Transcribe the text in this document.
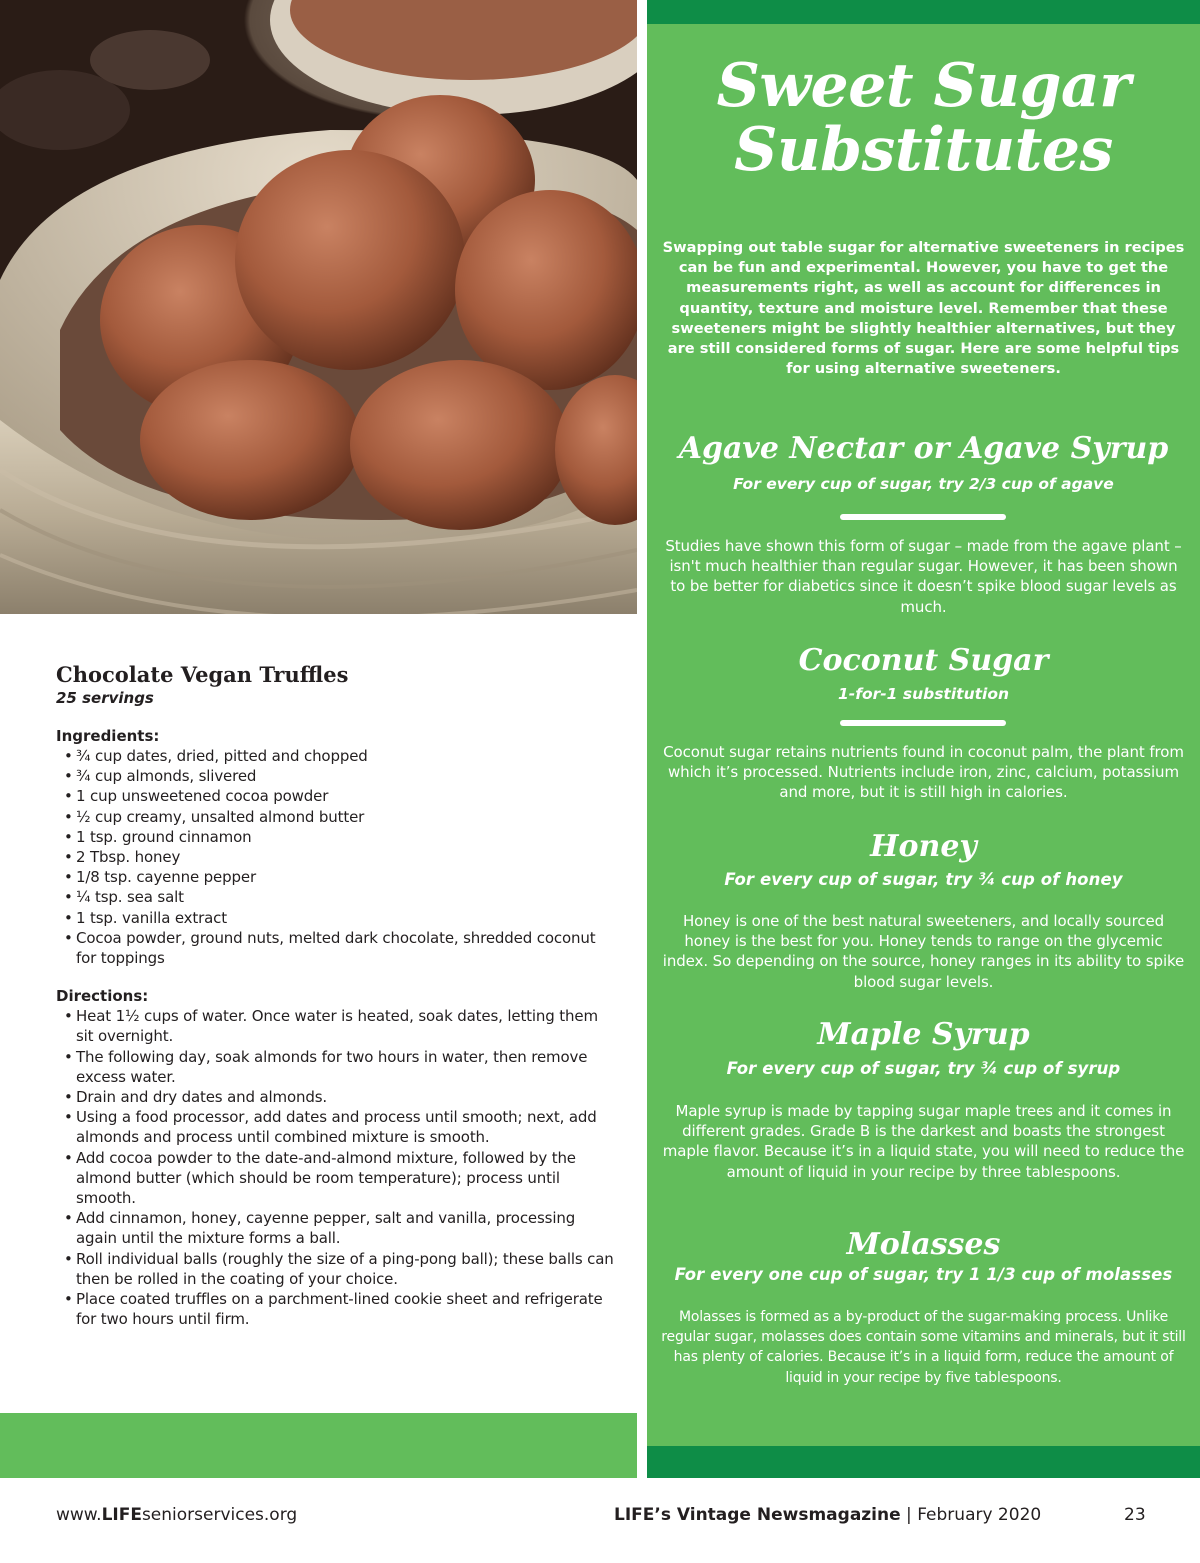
Chocolate Vegan Truffles
25 servings
Ingredients:
• ¾ cup dates, dried, pitted and chopped
• ¾ cup almonds, slivered
• 1 cup unsweetened cocoa powder
• ½ cup creamy, unsalted almond butter
• 1 tsp. ground cinnamon
• 2 Tbsp. honey
• 1/8 tsp. cayenne pepper
• ¼ tsp. sea salt
• 1 tsp. vanilla extract
• Cocoa powder, ground nuts, melted dark chocolate, shredded coconut for toppings
Directions:
• Heat 1½ cups of water. Once water is heated, soak dates, letting them sit overnight.
• The following day, soak almonds for two hours in water, then remove excess water.
• Drain and dry dates and almonds.
• Using a food processor, add dates and process until smooth; next, add almonds and process until combined mixture is smooth.
• Add cocoa powder to the date-and-almond mixture, followed by the almond butter (which should be room temperature); process until smooth.
• Add cinnamon, honey, cayenne pepper, salt and vanilla, processing again until the mixture forms a ball.
• Roll individual balls (roughly the size of a ping-pong ball); these balls can then be rolled in the coating of your choice.
• Place coated truffles on a parchment-lined cookie sheet and refrigerate for two hours until firm.
Sweet Sugar
Substitutes

Swapping out table sugar for alternative sweeteners in recipes can be fun and experimental. However, you have to get the measurements right, as well as account for differences in quantity, texture and moisture level. Remember that these sweeteners might be slightly healthier alternatives, but they are still considered forms of sugar. Here are some helpful tips for using alternative sweeteners.

Agave Nectar or Agave Syrup

For every cup of sugar, try 2/3 cup of agave

Studies have shown this form of sugar – made from the agave plant – isn't much healthier than regular sugar. However, it has been shown to be better for diabetics since it doesn’t spike blood sugar levels as much.

Coconut Sugar

1-for-1 substitution

Coconut sugar retains nutrients found in coconut palm, the plant from which it’s processed. Nutrients include iron, zinc, calcium, potassium and more, but it is still high in calories.

Honey

For every cup of sugar, try ¾ cup of honey

Honey is one of the best natural sweeteners, and locally sourced honey is the best for you. Honey tends to range on the glycemic index. So depending on the source, honey ranges in its ability to spike blood sugar levels.

Maple Syrup

For every cup of sugar, try ¾ cup of syrup

Maple syrup is made by tapping sugar maple trees and it comes in different grades. Grade B is the darkest and boasts the strongest maple flavor. Because it’s in a liquid state, you will need to reduce the amount of liquid in your recipe by three tablespoons.

Molasses

For every one cup of sugar, try 1 1/3 cup of molasses

Molasses is formed as a by-product of the sugar-making process. Unlike regular sugar, molasses does contain some vitamins and minerals, but it still has plenty of calories. Because it’s in a liquid form, reduce the amount of liquid in your recipe by five tablespoons.

www.LIFEseniorservices.org	LIFE’s Vintage Newsmagazine | February 2020	23
